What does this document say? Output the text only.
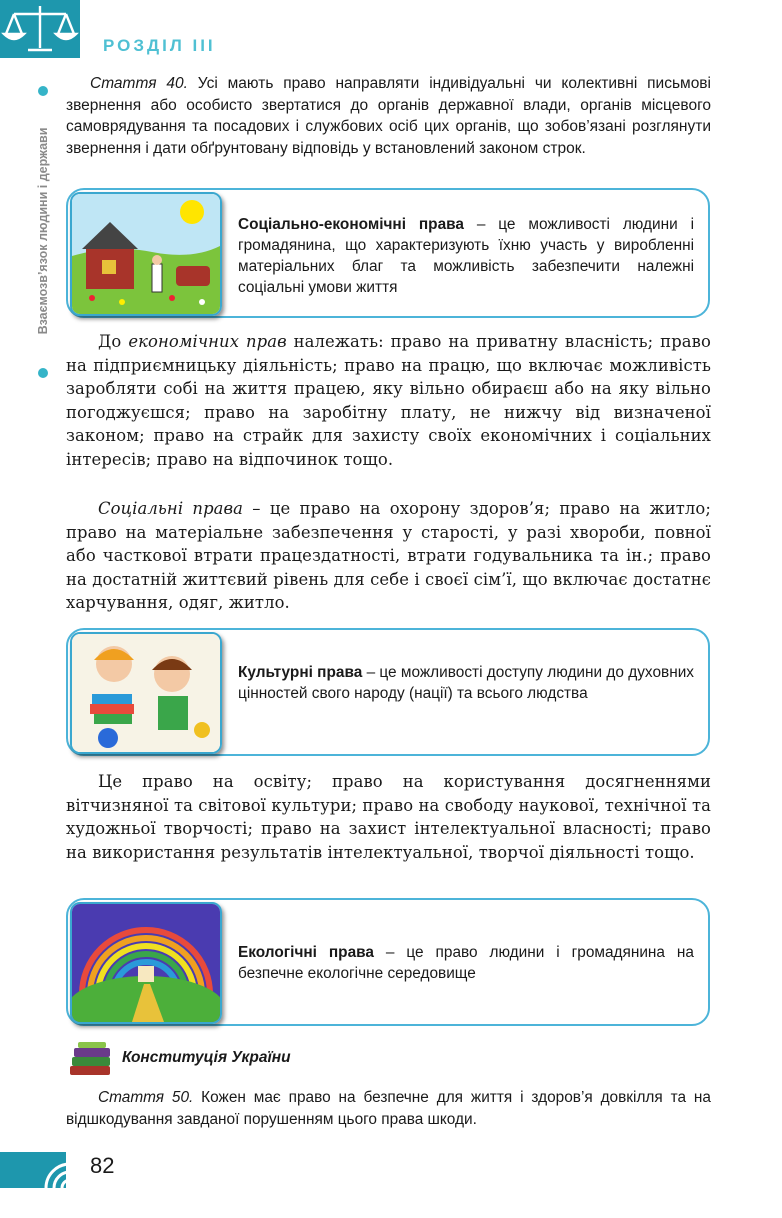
РОЗДІЛ III
Взаємозв’язок людини і держави

Стаття 40. Усі мають право направляти індивідуальні чи колективні письмові звернення або особисто звертатися до органів державної влади, органів місцевого самоврядування та посадових і службових осіб цих органів, що зобов’язані розглянути звернення і дати обґрунтовану відповідь у встановлений законом строк.

Соціально-економічні права – це можливості людини і громадянина, що характеризують їхню участь у виробленні матеріальних благ та можливість забезпечити належні соціальні умови життя

До економічних прав належать: право на приватну власність; право на підприємницьку діяльність; право на працю, що включає можливість заробляти собі на життя працею, яку вільно обираєш або на яку вільно погоджуєшся; право на заробітну плату, не нижчу від визначеної законом; право на страйк для захисту своїх економічних і соціальних інтересів; право на відпочинок тощо.

Соціальні права – це право на охорону здоров’я; право на житло; право на матеріальне забезпечення у старості, у разі хвороби, повної або часткової втрати працездатності, втрати годувальника та ін.; право на достатній життєвий рівень для себе і своєї сім’ї, що включає достатнє харчування, одяг, житло.

Культурні права – це можливості доступу людини до духовних цінностей свого народу (нації) та всього людства

Це право на освіту; право на користування досягненнями вітчизняної та світової культури; право на свободу наукової, технічної та художньої творчості; право на захист інтелектуальної власності; право на використання результатів інтелектуальної, творчої діяльності тощо.

Екологічні права – це право людини і громадянина на безпечне екологічне середовище

Конституція України

Стаття 50. Кожен має право на безпечне для життя і здоров’я довкілля та на відшкодування завданої порушенням цього права шкоди.

82
